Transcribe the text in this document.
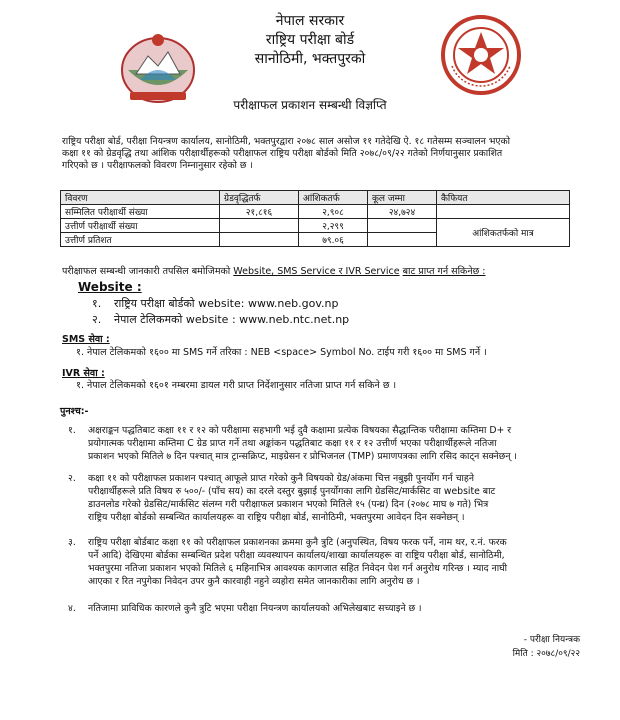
नेपाल सरकार
राष्ट्रिय परीक्षा बोर्ड
सानोठिमी, भक्तपुरको
परीक्षाफल प्रकाशन सम्बन्धी विज्ञप्ति
राष्ट्रिय परीक्षा बोर्ड, परीक्षा नियन्त्रण कार्यालय, सानोठिमी, भक्तपुरद्वारा २०७८ साल असोज ११ गतेदेखि ऐ. १८ गतेसम्म सञ्चालन भएको
कक्षा ११ को ग्रेडवृद्धि तथा आंशिक परीक्षार्थीहरूको परीक्षाफल राष्ट्रिय परीक्षा बोर्डको मिति २०७८/०९/२२ गतेको निर्णयानुसार प्रकाशित
गरिएको छ । परीक्षाफलको विवरण निम्नानुसार रहेको छ ।
विवरण	ग्रेडवृद्धितर्फ	आंशिकतर्फ	कूल जम्मा	कैफियत
सम्मिलित परीक्षार्थी संख्या	२१,८१६	२,९०८	२४,७२४	
उत्तीर्ण परीक्षार्थी संख्या		२,२९९		आंशिकतर्फको मात्र
उत्तीर्ण प्रतिशत		७९.०६		
परीक्षाफल सम्बन्धी जानकारी तपसिल बमोजिमको Website, SMS Service र IVR Service बाट प्राप्त गर्न सकिनेछ :
Website :
१. राष्ट्रिय परीक्षा बोर्डको website: www.neb.gov.np
२. नेपाल टेलिकमको website : www.neb.ntc.net.np
SMS सेवा :
१. नेपाल टेलिकमको १६०० मा SMS गर्ने तरिका : NEB <space> Symbol No. टाईप गरी १६०० मा SMS गर्ने ।
IVR सेवा :
१. नेपाल टेलिकमको १६०१ नम्बरमा डायल गरी प्राप्त निर्देशानुसार नतिजा प्राप्त गर्न सकिने छ ।
पुनश्च:-
१. अक्षराङ्कन पद्धतिबाट कक्षा ११ र १२ को परीक्षामा सहभागी भई दुवै कक्षामा प्रत्येक विषयका सैद्धान्तिक परीक्षामा कम्तिमा D+ र
प्रयोगात्मक परीक्षामा कम्तिमा C ग्रेड प्राप्त गर्ने तथा अङ्कांकन पद्धतिबाट कक्षा ११ र १२ उत्तीर्ण भएका परीक्षार्थीहरूले नतिजा
प्रकाशन भएको मितिले ७ दिन पश्चात् मात्र ट्रान्सक्रिप्ट, माइग्रेसन र प्रोभिजनल (TMP) प्रमाणपत्रका लागि रसिद काट्न सक्नेछन् ।
२. कक्षा ११ को परीक्षाफल प्रकाशन पश्चात् आफूले प्राप्त गरेको कुनै विषयको ग्रेड/अंकमा चित्त नबुझी पुनर्योग गर्न चाहने
परीक्षार्थीहरूले प्रति विषय रु ५००/- (पाँच सय) का दरले दस्तुर बुझाई पुनर्योगका लागि ग्रेडसिट/मार्कसिट वा website बाट
डाउनलोड गरेको ग्रेडसिट/मार्कसिट संलग्न गरी परीक्षाफल प्रकाशन भएको मितिले १५ (पन्ध्र) दिन (२०७८ माघ ७ गते) भित्र
राष्ट्रिय परीक्षा बोर्डको सम्बन्धित कार्यालयहरू वा राष्ट्रिय परीक्षा बोर्ड, सानोठिमी, भक्तपुरमा आवेदन दिन सक्नेछन् ।
३. राष्ट्रिय परीक्षा बोर्डबाट कक्षा ११ को परीक्षाफल प्रकाशनका क्रममा कुनै त्रुटि (अनुपस्थित, विषय फरक पर्ने, नाम थर, र.नं. फरक
पर्ने आदि) देखिएमा बोर्डका सम्बन्धित प्रदेश परीक्षा व्यवस्थापन कार्यालय/शाखा कार्यालयहरू वा राष्ट्रिय परीक्षा बोर्ड, सानोठिमी,
भक्तपुरमा नतिजा प्रकाशन भएको मितिले ६ महिनाभित्र आवश्यक कागजात सहित निवेदन पेश गर्न अनुरोध गरिन्छ । म्याद नाघी
आएका र रित नपुगेका निवेदन उपर कुनै कारवाही नहुने व्यहोरा समेत जानकारीका लागि अनुरोध छ ।
४. नतिजामा प्राविधिक कारणले कुनै त्रुटि भएमा परीक्षा नियन्त्रण कार्यालयको अभिलेखबाट सच्याइने छ ।
- परीक्षा नियन्त्रक
मिति : २०७८/०९/२२
